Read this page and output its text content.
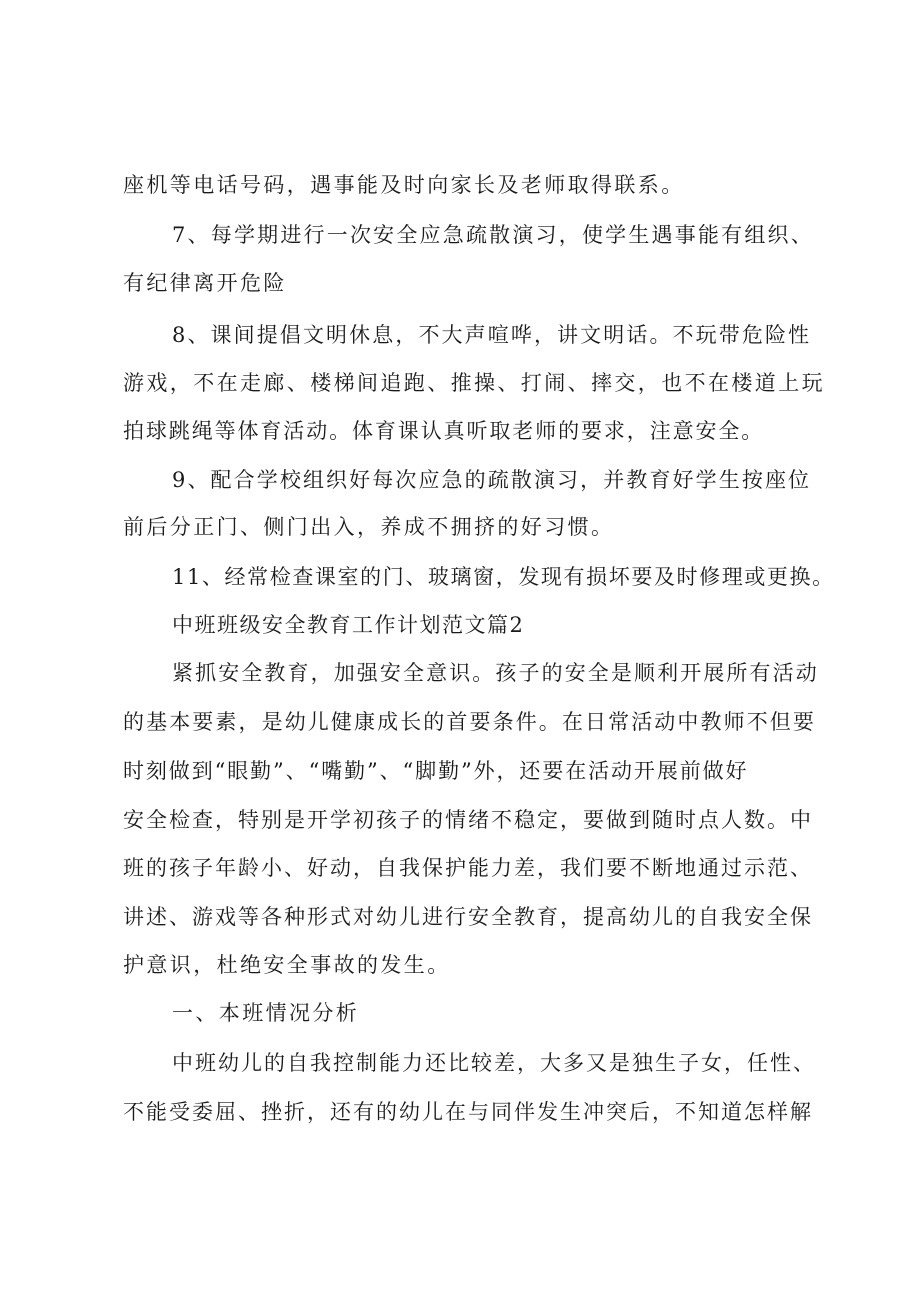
座机等电话号码，遇事能及时向家长及老师取得联系。
7、每学期进行一次安全应急疏散演习，使学生遇事能有组织、
有纪律离开危险
8、课间提倡文明休息，不大声喧哗，讲文明话。不玩带危险性
游戏，不在走廊、楼梯间追跑、推操、打闹、摔交，也不在楼道上玩
拍球跳绳等体育活动。体育课认真听取老师的要求，注意安全。
9、配合学校组织好每次应急的疏散演习，并教育好学生按座位
前后分正门、侧门出入，养成不拥挤的好习惯。
11、经常检查课室的门、玻璃窗，发现有损坏要及时修理或更换。
中班班级安全教育工作计划范文篇2
紧抓安全教育，加强安全意识。孩子的安全是顺利开展所有活动
的基本要素，是幼儿健康成长的首要条件。在日常活动中教师不但要
时刻做到“眼勤”、“嘴勤”、“脚勤”外，还要在活动开展前做好
安全检查，特别是开学初孩子的情绪不稳定，要做到随时点人数。中
班的孩子年龄小、好动，自我保护能力差，我们要不断地通过示范、
讲述、游戏等各种形式对幼儿进行安全教育，提高幼儿的自我安全保
护意识，杜绝安全事故的发生。
一、本班情况分析
中班幼儿的自我控制能力还比较差，大多又是独生子女，任性、
不能受委屈、挫折，还有的幼儿在与同伴发生冲突后，不知道怎样解
